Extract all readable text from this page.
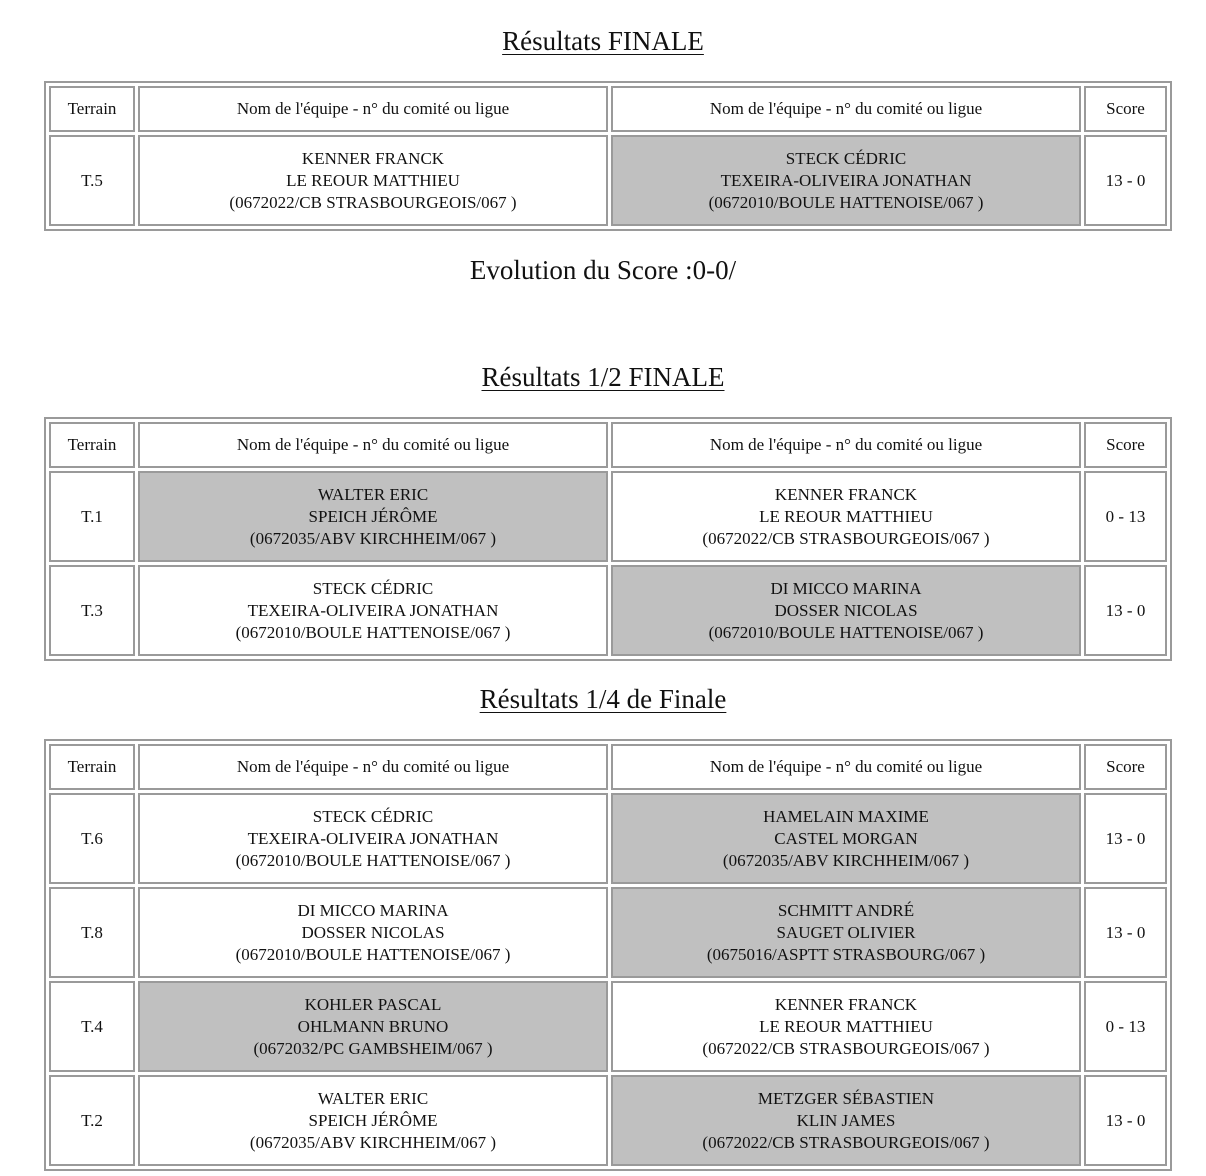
Résultats FINALE
Terrain	Nom de l'équipe - n° du comité ou ligue	Nom de l'équipe - n° du comité ou ligue	Score
T.5	KENNER FRANCK
LE REOUR MATTHIEU
(0672022/CB STRASBOURGEOIS/067 )	STECK CÉDRIC
TEXEIRA-OLIVEIRA JONATHAN
(0672010/BOULE HATTENOISE/067 )	13 - 0
Evolution du Score :0-0/
Résultats 1/2 FINALE
Terrain	Nom de l'équipe - n° du comité ou ligue	Nom de l'équipe - n° du comité ou ligue	Score
T.1	WALTER ERIC
SPEICH JÉRÔME
(0672035/ABV KIRCHHEIM/067 )	KENNER FRANCK
LE REOUR MATTHIEU
(0672022/CB STRASBOURGEOIS/067 )	0 - 13
T.3	STECK CÉDRIC
TEXEIRA-OLIVEIRA JONATHAN
(0672010/BOULE HATTENOISE/067 )	DI MICCO MARINA
DOSSER NICOLAS
(0672010/BOULE HATTENOISE/067 )	13 - 0
Résultats 1/4 de Finale
Terrain	Nom de l'équipe - n° du comité ou ligue	Nom de l'équipe - n° du comité ou ligue	Score
T.6	STECK CÉDRIC
TEXEIRA-OLIVEIRA JONATHAN
(0672010/BOULE HATTENOISE/067 )	HAMELAIN MAXIME
CASTEL MORGAN
(0672035/ABV KIRCHHEIM/067 )	13 - 0
T.8	DI MICCO MARINA
DOSSER NICOLAS
(0672010/BOULE HATTENOISE/067 )	SCHMITT ANDRÉ
SAUGET OLIVIER
(0675016/ASPTT STRASBOURG/067 )	13 - 0
T.4	KOHLER PASCAL
OHLMANN BRUNO
(0672032/PC GAMBSHEIM/067 )	KENNER FRANCK
LE REOUR MATTHIEU
(0672022/CB STRASBOURGEOIS/067 )	0 - 13
T.2	WALTER ERIC
SPEICH JÉRÔME
(0672035/ABV KIRCHHEIM/067 )	METZGER SÉBASTIEN
KLIN JAMES
(0672022/CB STRASBOURGEOIS/067 )	13 - 0
